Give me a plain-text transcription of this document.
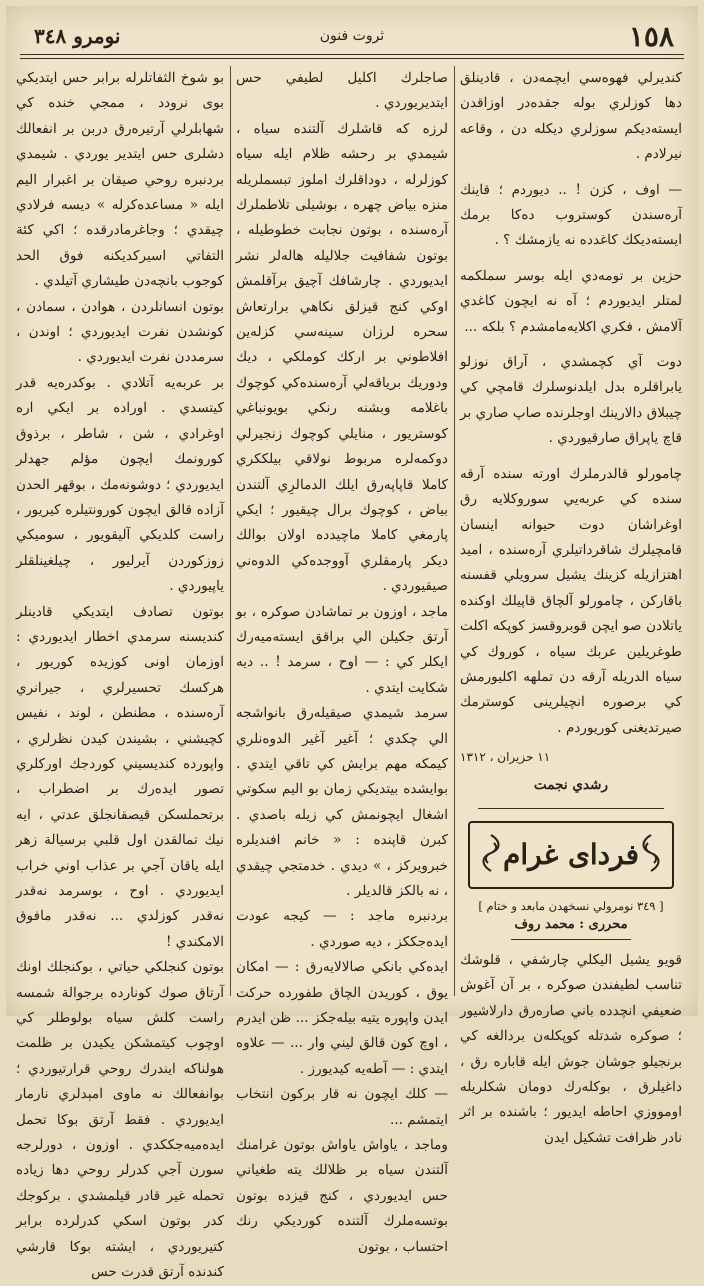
نومرو ٣٤٨	ثروت فنون	١٥٨

كنديرلي فهوەسي ايچمەدن ، قادينلق دها كوزلري بوله جقدەدر اوزاقدن ايستەديكم سوزلري ديكله دن ، وقاعه نيرلادم .

— اوف ، كزن ! .. ديوردم ؛ قاينك آرەسندن كوستروب دەكا برمك ايستەديكك كاغدده نه يازمشك ؟ .

حزين بر تومەدي ايله بوسر سملكمه لمتلر ايديوردم ؛ آه نه ايچون كاغدي آلامش ، فكري اكلايەمامشدم ؟ بلكه ...

دوت آي كچمشدي ، آراق نوزلو يابراقلره بدل ايلدنوسلرك قامچي كي چيبلاق دالارينك اوجلرنده صاپ صاري بر قاچ ياپراق صارقيوردي .

چامورلو قالدرملرك اورته سنده آرقه سنده كي عربەيي سوروكلايه رق اوغراشان دوت حيوانه اينسان قامچيلرك شاقرداتيلري آرەسنده ، اميد اهتزازيله كزينك يشيل سرويلي قفسنه باقاركن ، چامورلو آلچاق قاپيلك اوكنده ياتلادن صو ايچن قوبروقسز كوپكه اكلت طوغريلين عربك سياه ، كوروك كي سياه الدريله آرقه دن تملهه اكليورمش كي برصوره انچيلرينى كوسترمك صيرتديغنى كوريوردم .

١١ حزيران ، ١٣١٢
رشدي نجمت
فرداى غرام
[ ٣٤٩ نومرولي نسخهدن مابعد و ختام ]
محررى : محمد روف

قويو يشيل اليكلي چارشفي ، قلوشك تناسب لطيفندن صوكره ، بر آن آغوش ضعيفي انچدده باني صارەرق دارلاشيور ؛ صوكره شدتله كوپكلەن بردالغه كي برنجيلو جوشان جوش ايله قاباره رق ، داغيلرق ، بوكلەرك دومان شكلريله اومووزي احاطه ايديور ؛ باشنده بر اثر نادر ظرافت تشكيل ايدن

صاجلرك اكليل لطيفي حس ايتديريوردي .

لرزه كه قاشلرك آلتنده سياه ، شيمدي بر رحشه ظلام ايله سياه كوزلرله ، دوداقلرك املوز تبسملريله منزه بياض چهره ، بوشيلى تلاطملرك آرەسنده ، بوتون نجابت خطوطيله ، بوتون شفافيت جلاليله هالەلر نشر ايديوردي . چارشافك آچيق برآقلمش اوكي كنج قيزلق نكاهي برارتعاش سحره لرزان سينەسي كزلەين افلاطوني بر اركك كوملكي ، ديك ودوريك برياقەلي آرەسندەكي كوچوك باغلامه وبشنه رنكي بويونباغي كوستريور ، منايلي كوچوك زنجيرلي دوكمەلره مربوط نولاقي بيلككري كاملا قاپاپەرق ايلك الدمالرِي آلتندن بياض ، كوچوك برال چيقيور ؛ ايكي پارمغي كاملا ماچيدده اولان بوالك ديكر پارمقلري آووجدەكي الدوەني صيقيوردي .

ماجد ، اوزون بر تماشادن صوكره ، بو آرتق جكيلن الي براقق ايستەميەرك ايكلر كي : — اوح ، سرمد ! .. ديه شكايت ايتدي .

سرمد شيمدي صيقيلەرق بانواشجه الي چكدي ؛ آغير آغير الدوەنلري كيمكه مهم برايش كي تاقي ايتدي . بوايشده بيتديكي زمان بو اليم سكوتي اشغال ايچونمش كي زيله باصدي . كبرن قاپنده : « خانم افنديلره خبرويركز ، » ديدي . خدمتجي چيقدي ، نه بالكز قالديلر .

بردنبره ماجد : — كيجه عودت ايدەجككز ، ديه صوردي .

ايدەكي بانكي صالالايەرق : — امكان يوق ، كوريدن الچاق طفورده حركت ايدن واپوره يتيه بيلەجكز ... ظن ايدرم ، اوچ كون قالق ليني وار ... — علاوه ايتدي : — آطەيه كيديورز .

— كلك ايچون نه قار بركون انتخاب ايتمشم ...

وماجد ، ياواش ياواش بوتون غرامنك آلتندن سياه بر ظلالك يته طغياني حس ايديوردي ، كنج قيزده بوتون بوتسەملرك آلتنده كورديكي رنك احتساب ، بوتون

بو شوخ الثفاتلرله برابر حس ايتديكي بوى نرودد ، ممجي خنده كي شهابلرلي آرتيرەرق دربن بر انفعالك دشلرى حس ايتدير يوردي . شيمدي بردنبره روحي صيقان بر اغبرار اليم ايله « مساعدەكرله » ديسه فرلادي چيقدي ؛ وجاغرمادرقده ؛ اكي كئة التفاتي اسيركديكنه فوق الحد كوجوب بانچەدن طيشاري آتيلدي .

بوتون انسانلردن ، هوادن ، سمادن ، كونشدن نفرت ايديوردي ؛ اوندن ، سرمددن نفرت ايديوردي .

بر عربەيه آتلادي . بوكدرەيه قدر كيتسدي . اوراده بر ايكي اره اوغرادي ، شن ، شاطر ، برذوق كورونمك ايچون مؤلم جهدلر ايديوردي ؛ دوشونەمك ، بوقهر الحدن آزاده قالق ايچون كورونتيلره كيريور ، راست كلديكي آليقويور ، سوميكي زوزكوردن آيرليور ، چيلغينلقلر ياپيوردي .

بوتون تصادف ايتديكي قادينلر كنديسنه سرمدي اخطار ايديوردي : اوزمان اونى كوزيدە كوريور ، هركسك تحسيرلري ، جيرانري آرەسنده ، مطنطن ، لوند ، نفيس كچيشني ، بشيندن كيدن نظرلري ، واپورده كنديسيني كوردجك اوركلري تصور ايدەرك بر اضطراب ، برتحملسكن قيصقانجلق عدتي ، ايه نيك تمالقدن اول قلبي برسيالة زهر ايله ياقان آجي بر عذاب اوني خراب ايديوردي . اوح ، بوسرمد نەقدر نەقدر كوزلدي ... نەقدر مافوق الامكندي !

بوتون كنجلكي حياتي ، بوكنجلك اونك آرتاق صوك كوناردە برجوالة شمسه راست كلش سياه بولوطلر كي اوچوب كيتمشكن يكيدن بر ظلمت هولناكه ايندرك روحي قرارتيوردي ؛ بوانفعالك نه ماوى امېدلري نارمار ايديوردي . فقط آرتق بوكا تحمل ايدەميەجككدي . اوزون ، دورلرجه سورن آجي كدرلر روحي دها زياده تحمله غير قادر قيلمشدي . بركوجك كدر بوتون اسكي كدرلرده برابر كتيريوردي ، ايشته بوكا قارشي كندنده آرتق قدرت حس
